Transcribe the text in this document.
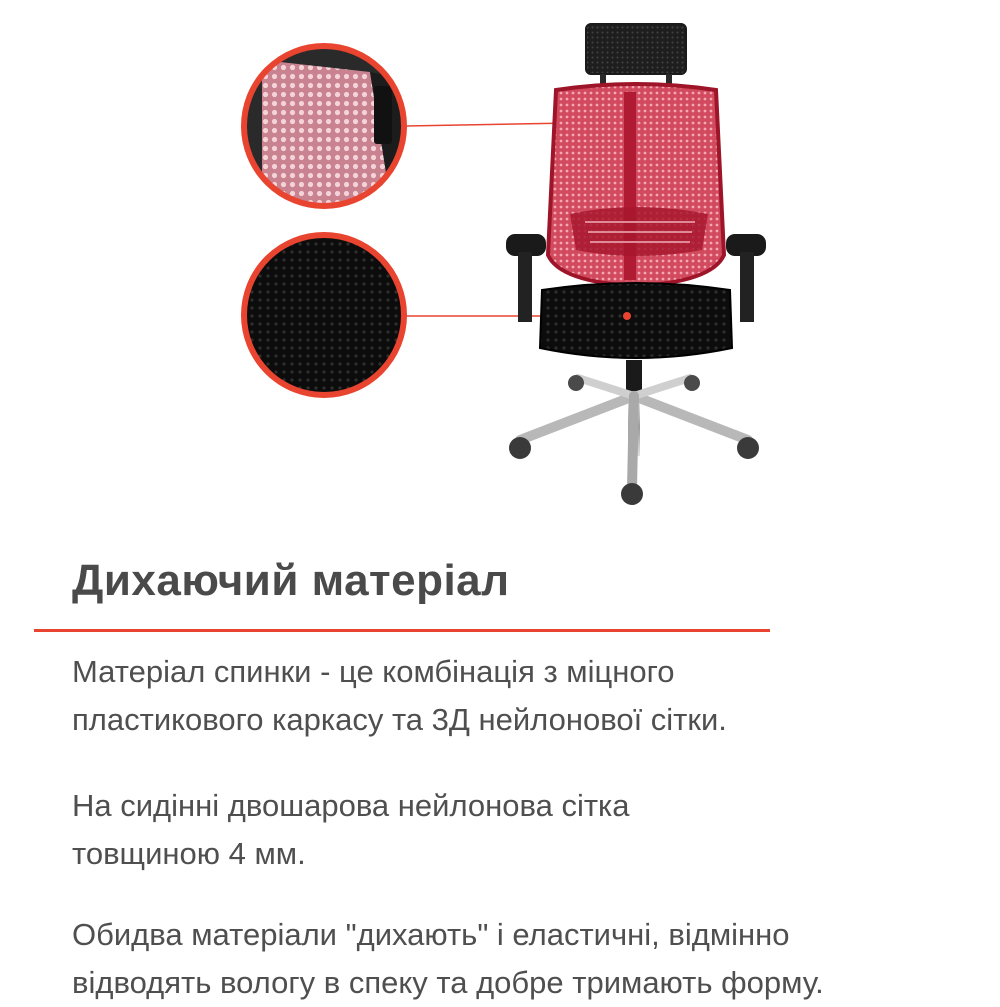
Дихаючий матеріал

Матеріал спинки - це комбінація з міцного
пластикового каркасу та 3Д нейлонової сітки.

На сидінні двошарова нейлонова сітка
товщиною 4 мм.

Обидва матеріали "дихають" і еластичні, відмінно
відводять вологу в спеку та добре тримають форму.
